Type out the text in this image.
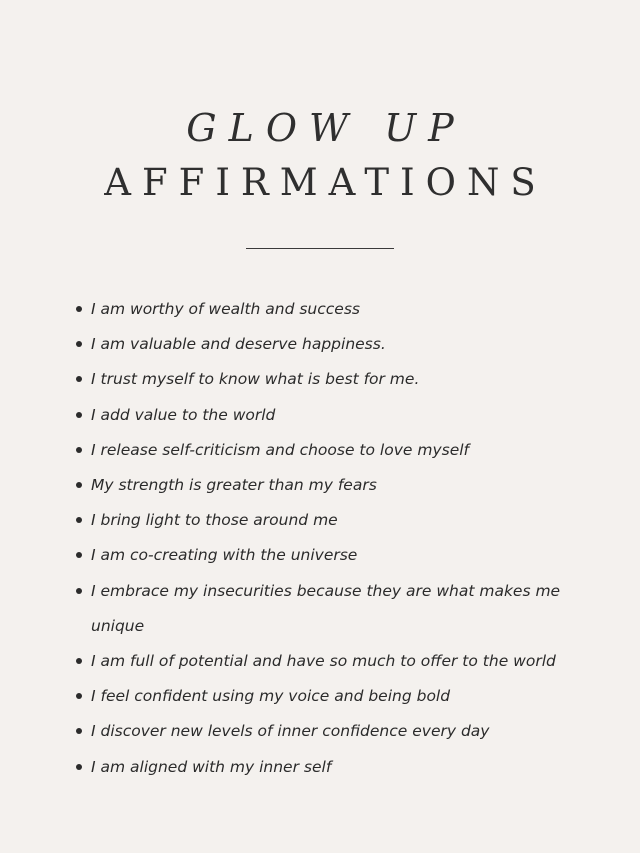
GLOW UP
AFFIRMATIONS
I am worthy of wealth and success
I am valuable and deserve happiness.
I trust myself to know what is best for me.
I add value to the world
I release self-criticism and choose to love myself
My strength is greater than my fears
I bring light to those around me
I am co-creating with the universe
I embrace my insecurities because they are what makes me unique
I am full of potential and have so much to offer to the world
I feel confident using my voice and being bold
I discover new levels of inner confidence every day
I am aligned with my inner self
